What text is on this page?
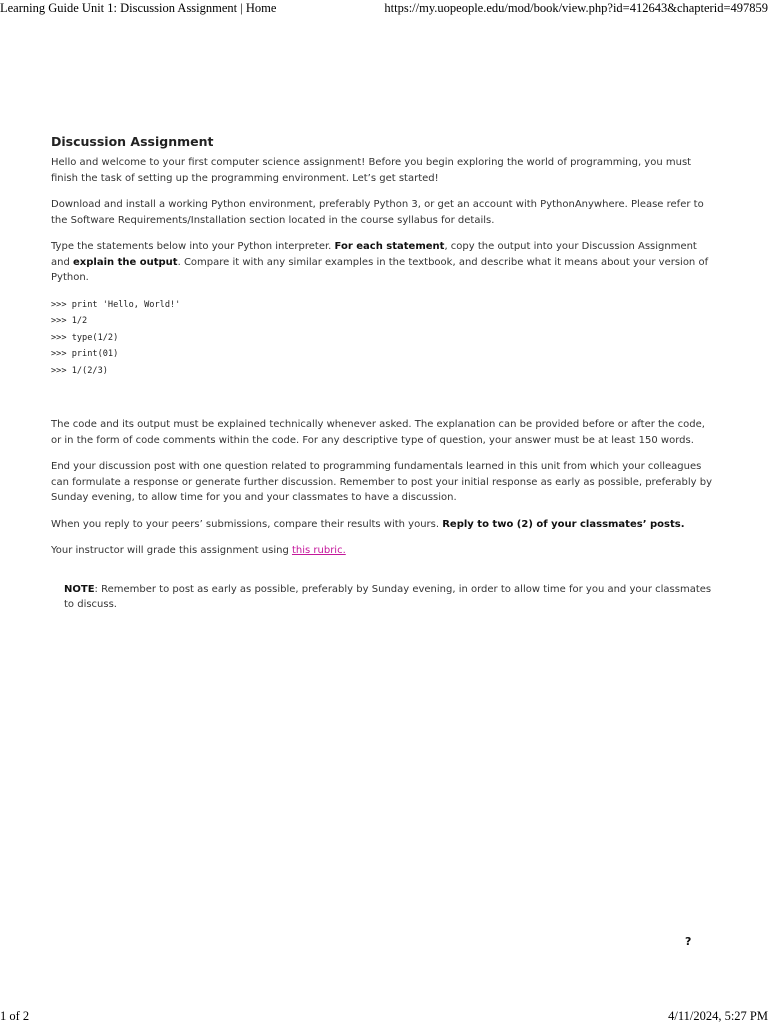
Learning Guide Unit 1: Discussion Assignment | Home	https://my.uopeople.edu/mod/book/view.php?id=412643&chapterid=497859
Discussion Assignment

Hello and welcome to your first computer science assignment! Before you begin exploring the world of programming, you must finish the task of setting up the programming environment. Let’s get started!

Download and install a working Python environment, preferably Python 3, or get an account with PythonAnywhere. Please refer to the Software Requirements/Installation section located in the course syllabus for details.

Type the statements below into your Python interpreter. For each statement, copy the output into your Discussion Assignment and explain the output. Compare it with any similar examples in the textbook, and describe what it means about your version of Python.

>>> print 'Hello, World!'
>>> 1/2
>>> type(1/2)
>>> print(01)
>>> 1/(2/3)

The code and its output must be explained technically whenever asked. The explanation can be provided before or after the code, or in the form of code comments within the code. For any descriptive type of question, your answer must be at least 150 words.

End your discussion post with one question related to programming fundamentals learned in this unit from which your colleagues can formulate a response or generate further discussion. Remember to post your initial response as early as possible, preferably by Sunday evening, to allow time for you and your classmates to have a discussion.

When you reply to your peers’ submissions, compare their results with yours. Reply to two (2) of your classmates’ posts.

Your instructor will grade this assignment using this rubric.

NOTE: Remember to post as early as possible, preferably by Sunday evening, in order to allow time for you and your classmates to discuss.

?
1 of 2	4/11/2024, 5:27 PM
